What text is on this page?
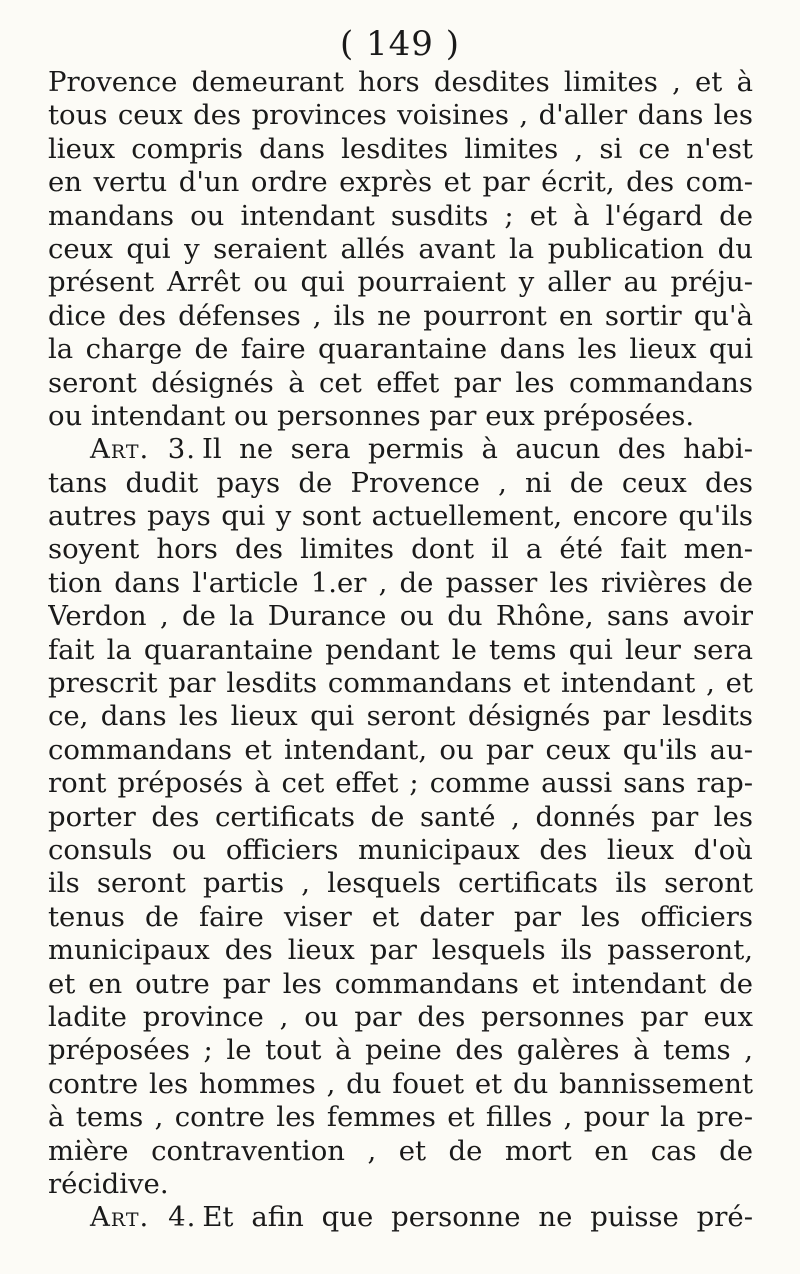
( 149 )
Provence demeurant hors desdites limites , et à
tous ceux des provinces voisines , d'aller dans les
lieux compris dans lesdites limites , si ce n'est
en vertu d'un ordre exprès et par écrit, des com-
mandans ou intendant susdits ; et à l'égard de
ceux qui y seraient allés avant la publication du
présent Arrêt ou qui pourraient y aller au préju-
dice des défenses , ils ne pourront en sortir qu'à
la charge de faire quarantaine dans les lieux qui
seront désignés à cet effet par les commandans
ou intendant ou personnes par eux préposées.
Art. 3. Il ne sera permis à aucun des habi-
tans dudit pays de Provence , ni de ceux des
autres pays qui y sont actuellement, encore qu'ils
soyent hors des limites dont il a été fait men-
tion dans l'article 1.er , de passer les rivières de
Verdon , de la Durance ou du Rhône, sans avoir
fait la quarantaine pendant le tems qui leur sera
prescrit par lesdits commandans et intendant , et
ce, dans les lieux qui seront désignés par lesdits
commandans et intendant, ou par ceux qu'ils au-
ront préposés à cet effet ; comme aussi sans rap-
porter des certificats de santé , donnés par les
consuls ou officiers municipaux des lieux d'où
ils seront partis , lesquels certificats ils seront
tenus de faire viser et dater par les officiers
municipaux des lieux par lesquels ils passeront,
et en outre par les commandans et intendant de
ladite province , ou par des personnes par eux
préposées ; le tout à peine des galères à tems ,
contre les hommes , du fouet et du bannissement
à tems , contre les femmes et filles , pour la pre-
mière contravention , et de mort en cas de
récidive.
Art. 4. Et afin que personne ne puisse pré-
